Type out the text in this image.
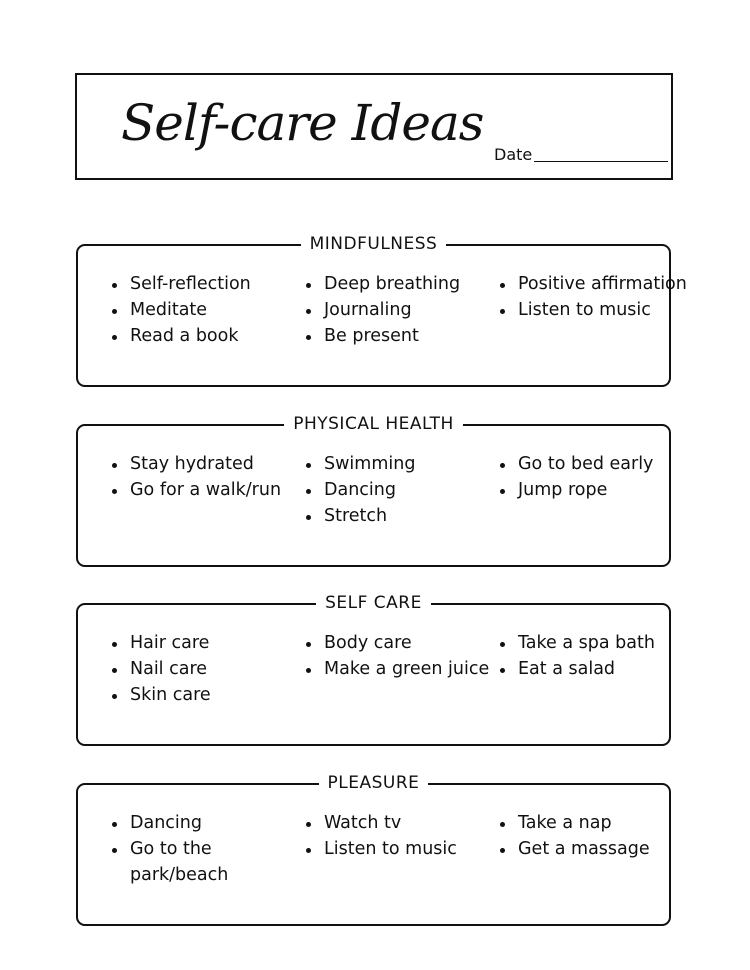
Self-care Ideas
Date
MINDFULNESS
Self-reflection
Meditate
Read a book
Deep breathing
Journaling
Be present
Positive affirmation
Listen to music
PHYSICAL HEALTH
Stay hydrated
Go for a walk/run
Swimming
Dancing
Stretch
Go to bed early
Jump rope
SELF CARE
Hair care
Nail care
Skin care
Body care
Make a green juice
Take a spa bath
Eat a salad
PLEASURE
Dancing
Go to the park/beach
Watch tv
Listen to music
Take a nap
Get a massage
